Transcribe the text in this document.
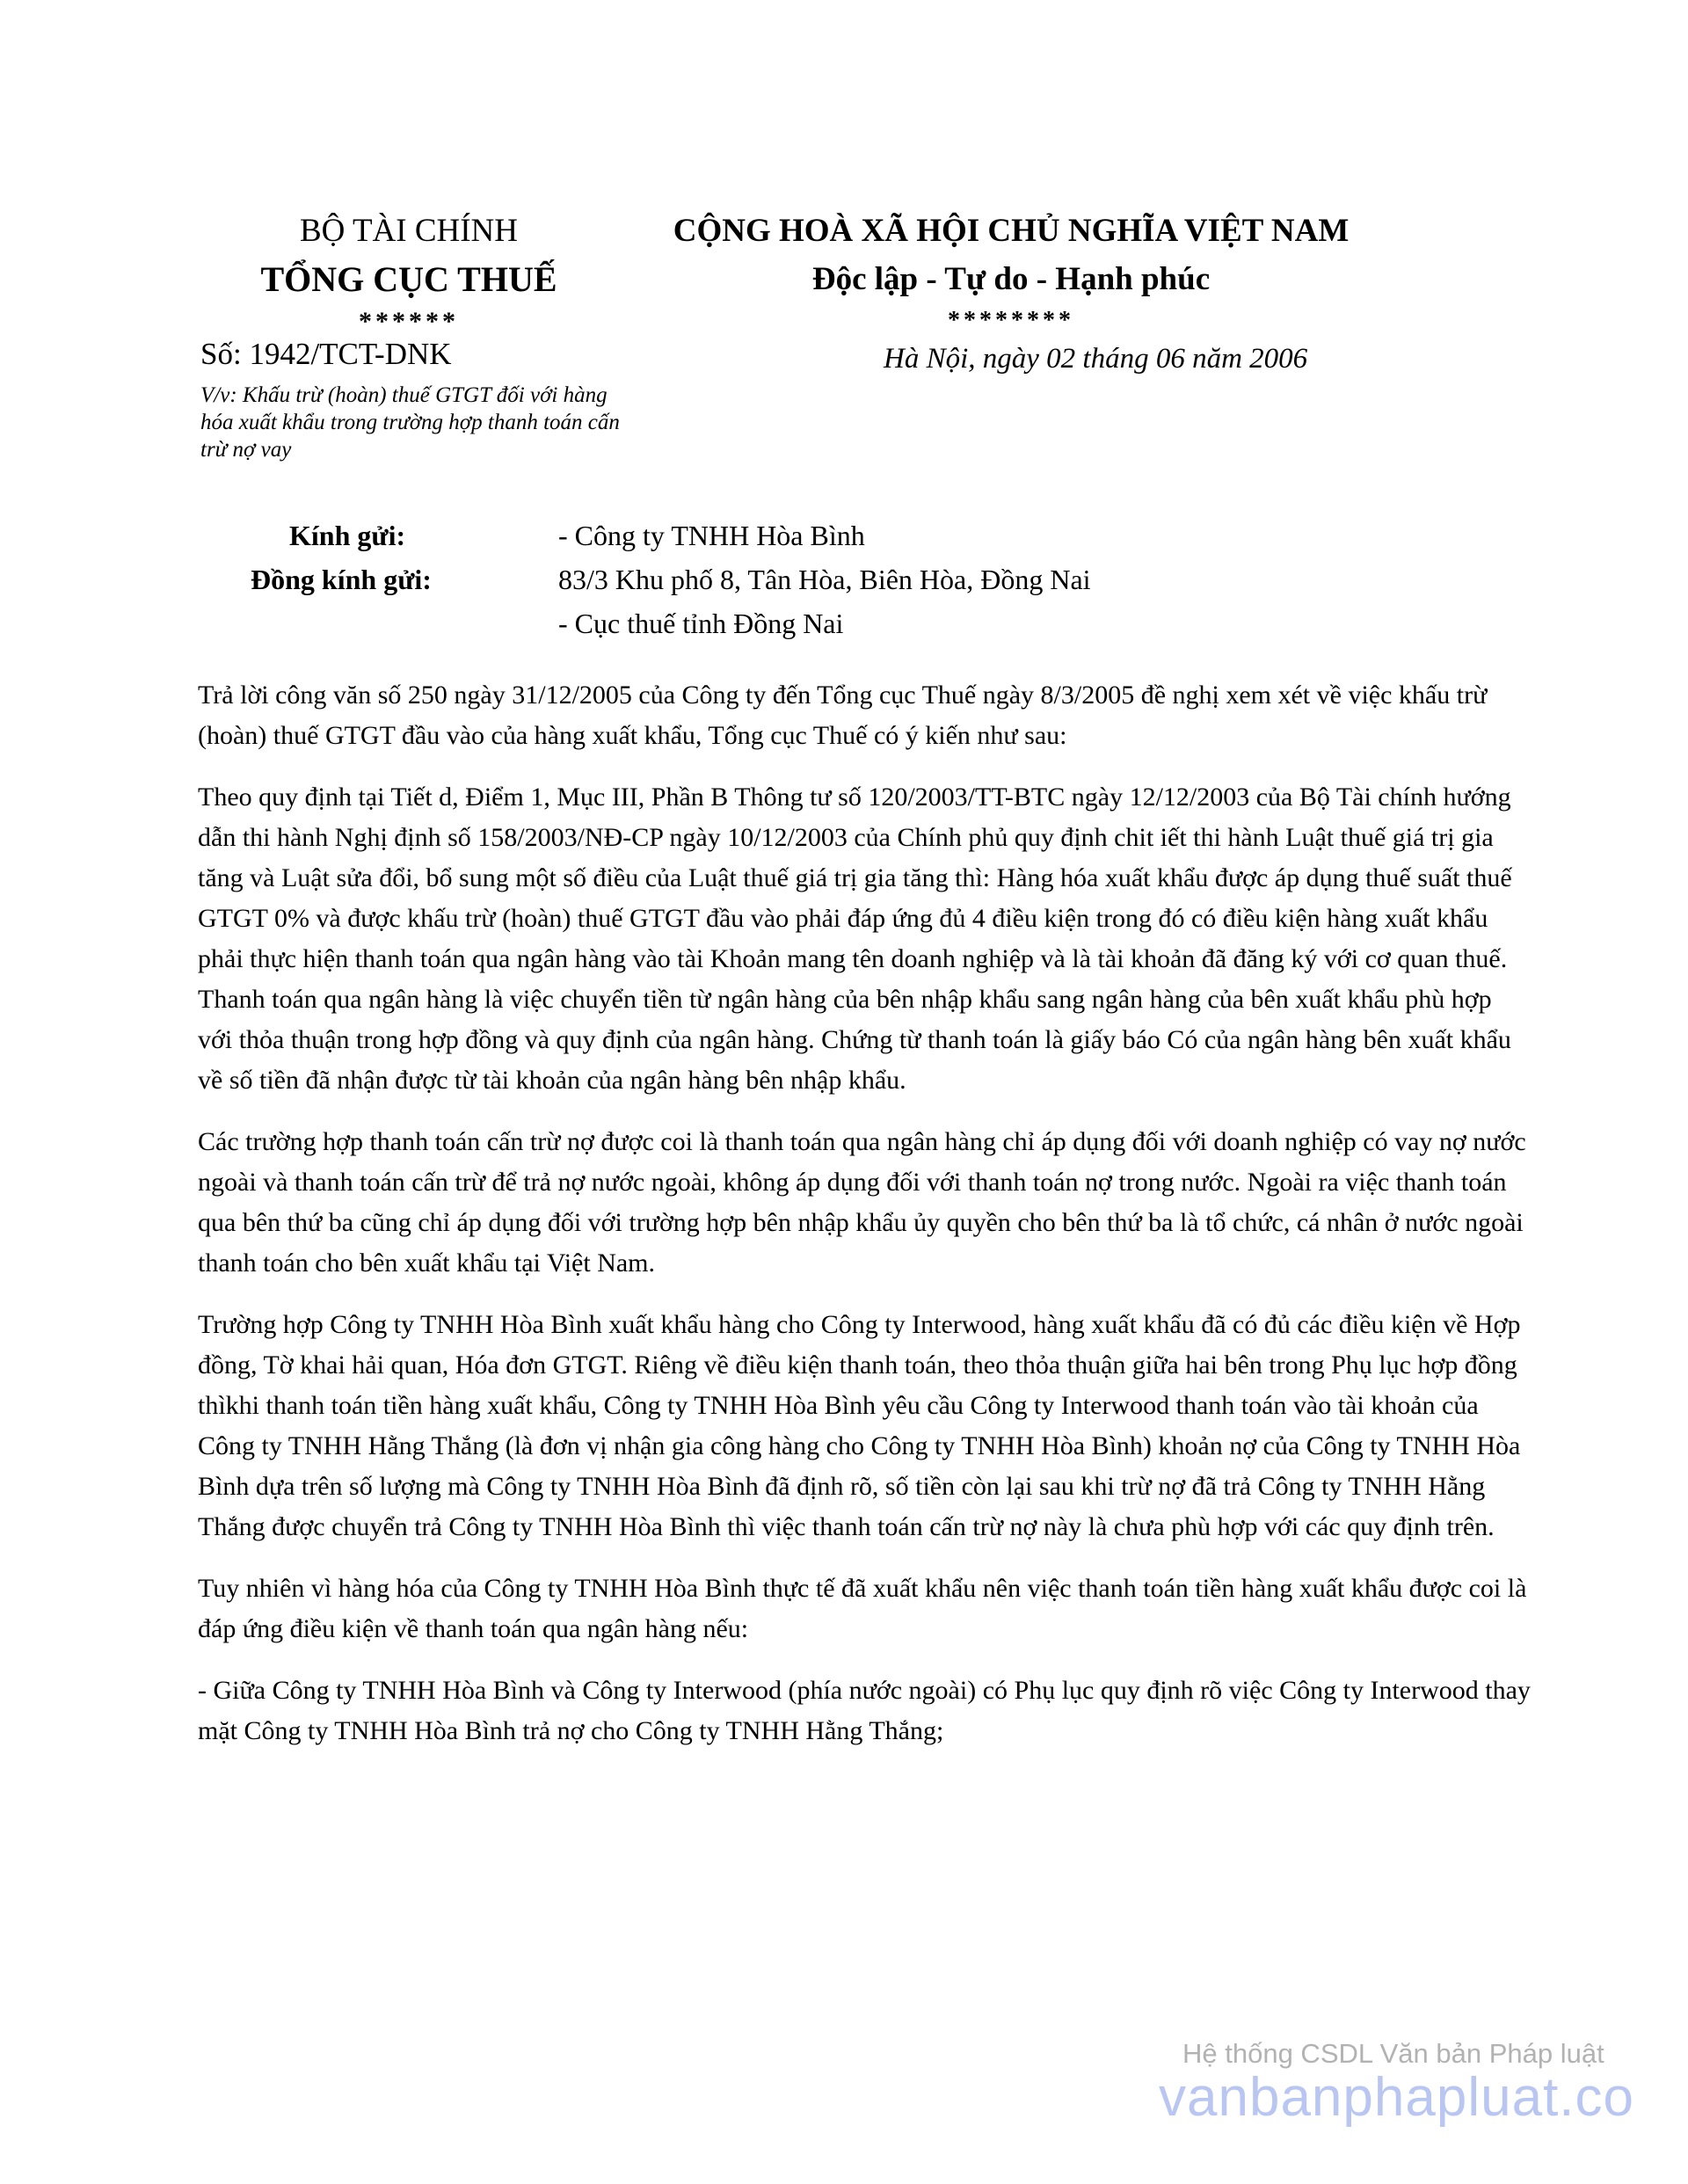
BỘ TÀI CHÍNH
TỔNG CỤC THUẾ
******
CỘNG HOÀ XÃ HỘI CHỦ NGHĨA VIỆT NAM
Độc lập - Tự do - Hạnh phúc
********
Số: 1942/TCT-DNK	Hà Nội, ngày 02 tháng 06 năm 2006
V/v: Khấu trừ (hoàn) thuế GTGT đối với hàng hóa xuất khẩu trong trường hợp thanh toán cấn trừ nợ vay
Kính gửi:	- Công ty TNHH Hòa Bình
Đồng kính gửi:	83/3 Khu phố 8, Tân Hòa, Biên Hòa, Đồng Nai
- Cục thuế tỉnh Đồng Nai

Trả lời công văn số 250 ngày 31/12/2005 của Công ty đến Tổng cục Thuế ngày 8/3/2005 đề nghị xem xét về việc khấu trừ (hoàn) thuế GTGT đầu vào của hàng xuất khẩu, Tổng cục Thuế có ý kiến như sau:

Theo quy định tại Tiết d, Điểm 1, Mục III, Phần B Thông tư số 120/2003/TT-BTC ngày 12/12/2003 của Bộ Tài chính hướng dẫn thi hành Nghị định số 158/2003/NĐ-CP ngày 10/12/2003 của Chính phủ quy định chit iết thi hành Luật thuế giá trị gia tăng và Luật sửa đổi, bổ sung một số điều của Luật thuế giá trị gia tăng thì: Hàng hóa xuất khẩu được áp dụng thuế suất thuế GTGT 0% và được khấu trừ (hoàn) thuế GTGT đầu vào phải đáp ứng đủ 4 điều kiện trong đó có điều kiện hàng xuất khẩu phải thực hiện thanh toán qua ngân hàng vào tài Khoản mang tên doanh nghiệp và là tài khoản đã đăng ký với cơ quan thuế. Thanh toán qua ngân hàng là việc chuyển tiền từ ngân hàng của bên nhập khẩu sang ngân hàng của bên xuất khẩu phù hợp với thỏa thuận trong hợp đồng và quy định của ngân hàng. Chứng từ thanh toán là giấy báo Có của ngân hàng bên xuất khẩu về số tiền đã nhận được từ tài khoản của ngân hàng bên nhập khẩu.

Các trường hợp thanh toán cấn trừ nợ được coi là thanh toán qua ngân hàng chỉ áp dụng đối với doanh nghiệp có vay nợ nước ngoài và thanh toán cấn trừ để trả nợ nước ngoài, không áp dụng đối với thanh toán nợ trong nước. Ngoài ra việc thanh toán qua bên thứ ba cũng chỉ áp dụng đối với trường hợp bên nhập khẩu ủy quyền cho bên thứ ba là tổ chức, cá nhân ở nước ngoài thanh toán cho bên xuất khẩu tại Việt Nam.

Trường hợp Công ty TNHH Hòa Bình xuất khẩu hàng cho Công ty Interwood, hàng xuất khẩu đã có đủ các điều kiện về Hợp đồng, Tờ khai hải quan, Hóa đơn GTGT. Riêng về điều kiện thanh toán, theo thỏa thuận giữa hai bên trong Phụ lục hợp đồng thìkhi thanh toán tiền hàng xuất khẩu, Công ty TNHH Hòa Bình yêu cầu Công ty Interwood thanh toán vào tài khoản của Công ty TNHH Hằng Thắng (là đơn vị nhận gia công hàng cho Công ty TNHH Hòa Bình) khoản nợ của Công ty TNHH Hòa Bình dựa trên số lượng mà Công ty TNHH Hòa Bình đã định rõ, số tiền còn lại sau khi trừ nợ đã trả Công ty TNHH Hằng Thắng được chuyển trả Công ty TNHH Hòa Bình thì việc thanh toán cấn trừ nợ này là chưa phù hợp với các quy định trên.

Tuy nhiên vì hàng hóa của Công ty TNHH Hòa Bình thực tế đã xuất khẩu nên việc thanh toán tiền hàng xuất khẩu được coi là đáp ứng điều kiện về thanh toán qua ngân hàng nếu:

- Giữa Công ty TNHH Hòa Bình và Công ty Interwood (phía nước ngoài) có Phụ lục quy định rõ việc Công ty Interwood thay mặt Công ty TNHH Hòa Bình trả nợ cho Công ty TNHH Hằng Thắng;

Hệ thống CSDL Văn bản Pháp luật
vanbanphapluat.co
